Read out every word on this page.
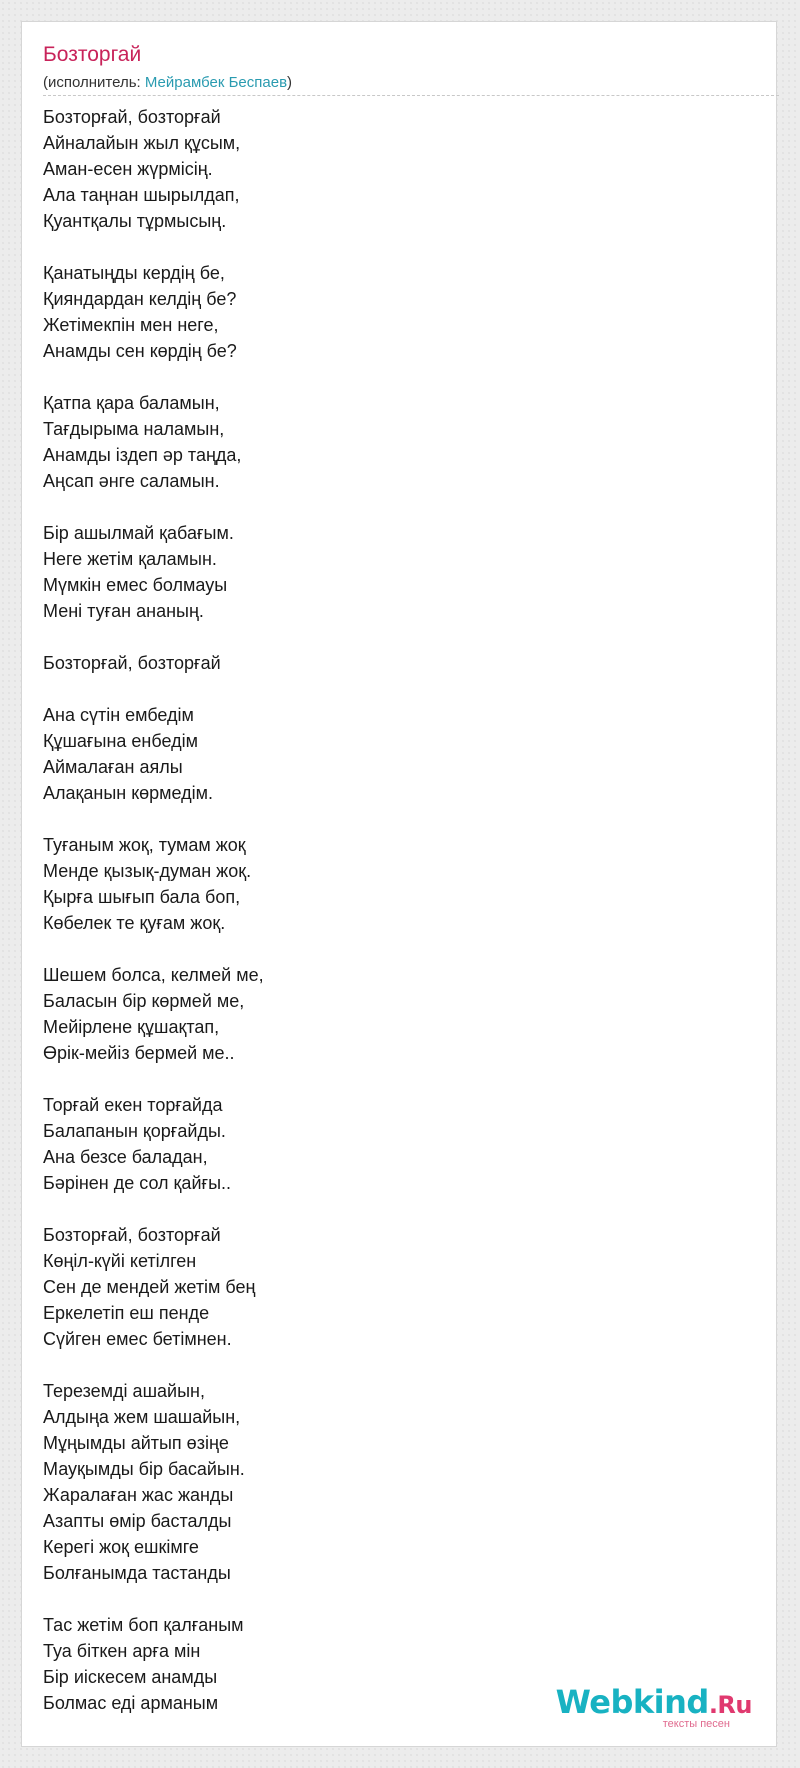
Бозторгай
(исполнитель: Мейрамбек Беспаев)
Бозторғай, бозторғай
Айналайын жыл құсым,
Аман-есен жүрмісің.
Ала таңнан шырылдап,
Қуантқалы тұрмысың.
Қанатыңды кердің бе,
Қияндардан келдің бе?
Жетімекпін мен неге,
Анамды сен көрдің бе?
Қатпа қара баламын,
Тағдырыма наламын,
Анамды іздеп әр таңда,
Аңсап әнге саламын.
Бір ашылмай қабағым.
Неге жетім қаламын.
Мүмкін емес болмауы
Мені туған ананың.
Бозторғай, бозторғай
Ана сүтін ембедім
Құшағына енбедім
Аймалаған аялы
Алақанын көрмедім.
Туғаным жоқ, тумам жоқ
Менде қызық-думан жоқ.
Қырға шығып бала боп,
Көбелек те қуғам жоқ.
Шешем болса, келмей ме,
Баласын бір көрмей ме,
Мейірлене құшақтап,
Өрік-мейіз бермей ме..
Торғай екен торғайда
Балапанын қорғайды.
Ана безсе баладан,
Бәрінен де сол қайғы..
Бозторғай, бозторғай
Көңіл-күйі кетілген
Сен де мендей жетім бең
Еркелетіп еш пенде
Сүйген емес бетімнен.
Тереземді ашайын,
Алдыңа жем шашайын,
Мұңымды айтып өзіңе
Мауқымды бір басайын.
Жаралаған жас жанды
Азапты өмір басталды
Керегі жоқ ешкімге
Болғанымда тастанды
Тас жетім боп қалғаным
Туа біткен арға мін
Бір иіскесем анамды
Болмас еді арманым	Webkind.Ru
тексты песен
